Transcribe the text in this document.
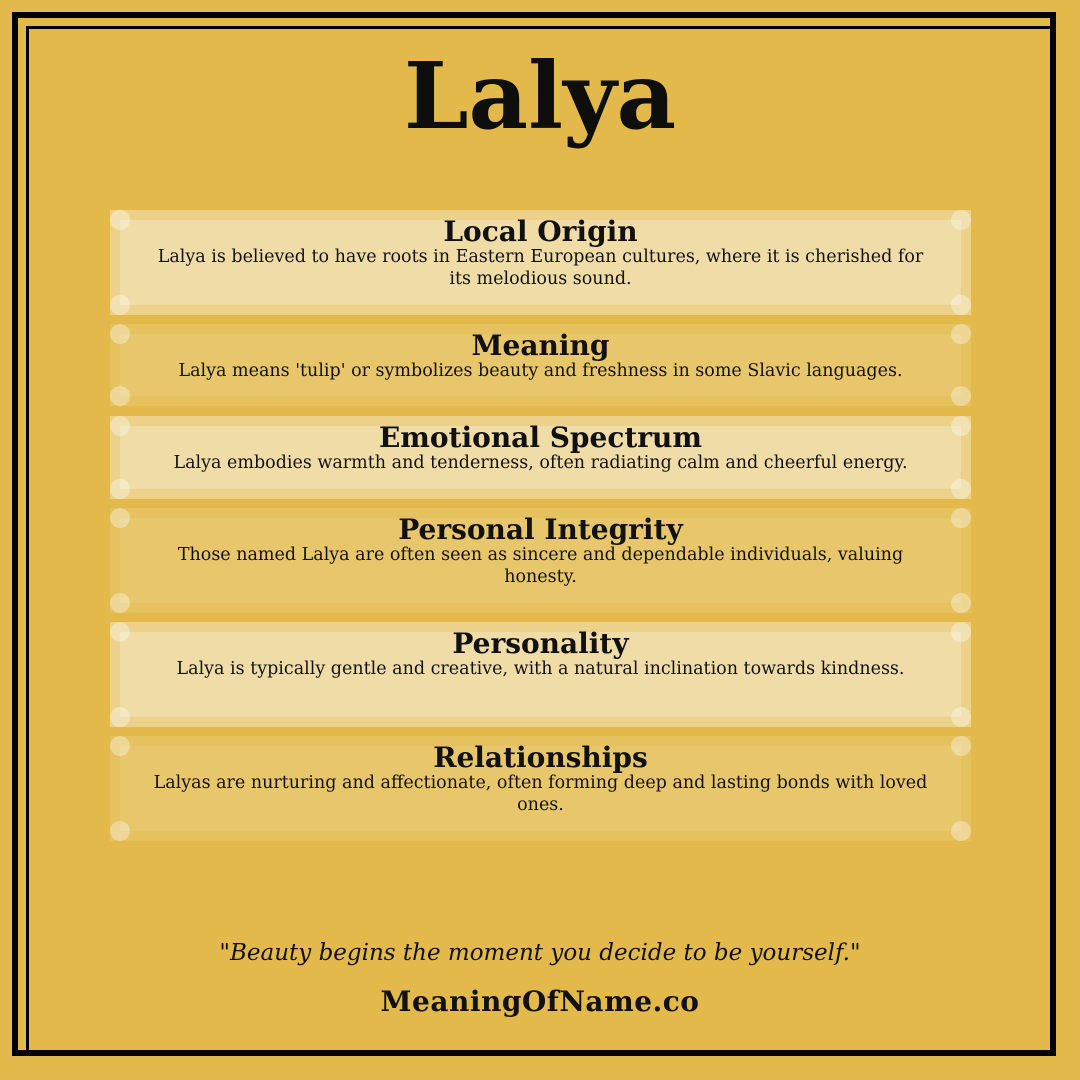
Lalya
Local Origin
Lalya is believed to have roots in Eastern European cultures, where it is cherished for its melodious sound.
Meaning
Lalya means 'tulip' or symbolizes beauty and freshness in some Slavic languages.
Emotional Spectrum
Lalya embodies warmth and tenderness, often radiating calm and cheerful energy.
Personal Integrity
Those named Lalya are often seen as sincere and dependable individuals, valuing honesty.
Personality
Lalya is typically gentle and creative, with a natural inclination towards kindness.
Relationships
Lalyas are nurturing and affectionate, often forming deep and lasting bonds with loved ones.
"Beauty begins the moment you decide to be yourself."
MeaningOfName.co
